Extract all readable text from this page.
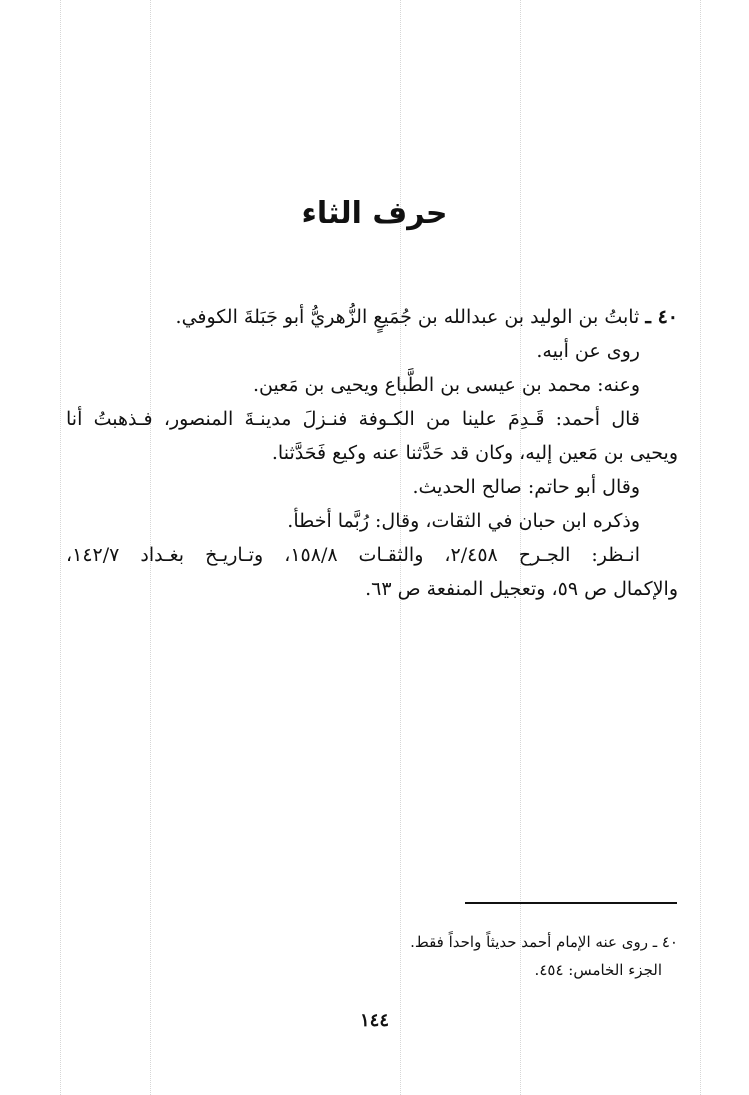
حرف الثاء
٤٠ ـ ثابتُ بن الوليد بن عبدالله بن جُمَيعٍ الزُّهريُّ أبو جَبَلةَ الكوفي.
روى عن أبيه.
وعنه: محمد بن عيسى بن الطَّباع ويحيى بن مَعين.
قال أحمد: قَـدِمَ علينا من الكـوفة فنـزلَ مدينـةَ المنصور، فـذهبتُ أنا
ويحيى بن مَعين إليه، وكان قد حَدَّثنا عنه وكيع فَحَدَّثنا.
وقال أبو حاتم: صالح الحديث.
وذكره ابن حبان في الثقات، وقال: رُبَّما أخطأ.
انـظر: الجـرح ٢/٤٥٨، والثقـات ١٥٨/٨، وتـاريـخ بغـداد ١٤٢/٧،
والإكمال ص ٥٩، وتعجيل المنفعة ص ٦٣.
٤٠ ـ روى عنه الإمام أحمد حديثاً واحداً فقط.
الجزء الخامس: ٤٥٤.
١٤٤
